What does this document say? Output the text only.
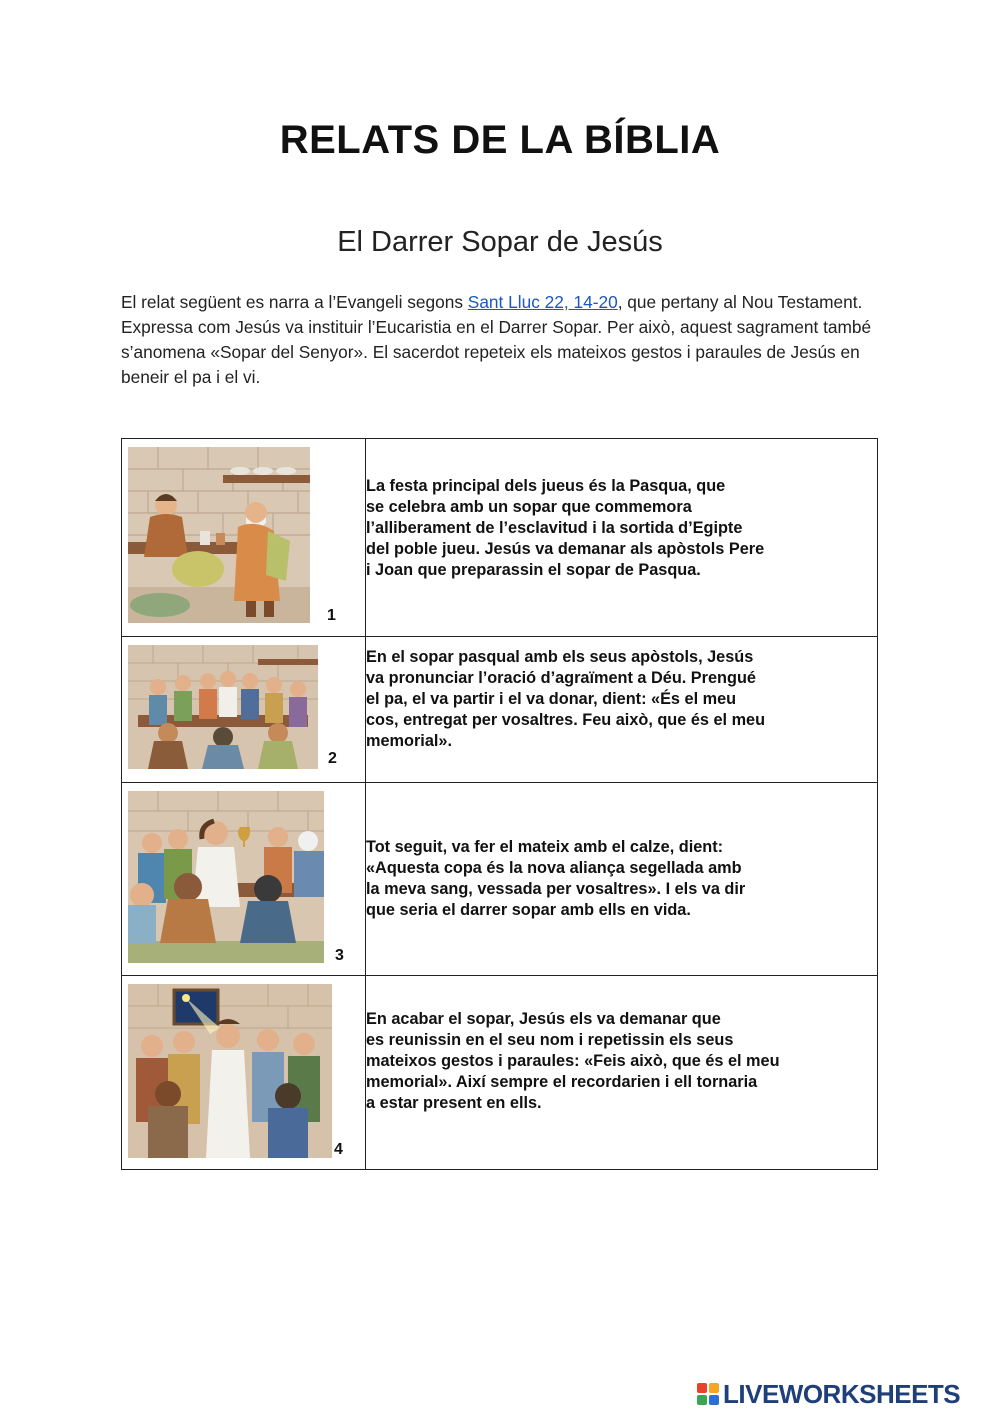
RELATS DE LA BÍBLIA
El Darrer Sopar de Jesús

El relat següent es narra a l’Evangeli segons Sant Lluc 22, 14-20, que pertany al Nou Testament. Expressa com Jesús va instituir l’Eucaristia en el Darrer Sopar. Per això, aquest sagrament també s’anomena «Sopar del Senyor». El sacerdot repeteix els mateixos gestos i paraules de Jesús en beneir el pa i el vi.

1	La festa principal dels jueus és la Pasqua, que
se celebra amb un sopar que commemora
l’alliberament de l’esclavitud i la sortida d’Egipte
del poble jueu. Jesús va demanar als apòstols Pere
i Joan que preparassin el sopar de Pasqua.

2	En el sopar pasqual amb els seus apòstols, Jesús
va pronunciar l’oració d’agraïment a Déu. Prengué
el pa, el va partir i el va donar, dient: «És el meu
cos, entregat per vosaltres. Feu això, que és el meu
memorial».

3	Tot seguit, va fer el mateix amb el calze, dient:
«Aquesta copa és la nova aliança segellada amb
la meva sang, vessada per vosaltres». I els va dir
que seria el darrer sopar amb ells en vida.

4	En acabar el sopar, Jesús els va demanar que
es reunissin en el seu nom i repetissin els seus
mateixos gestos i paraules: «Feis això, que és el meu
memorial». Així sempre el recordarien i ell tornaria
a estar present en ells.
LIVEWORKSHEETS
